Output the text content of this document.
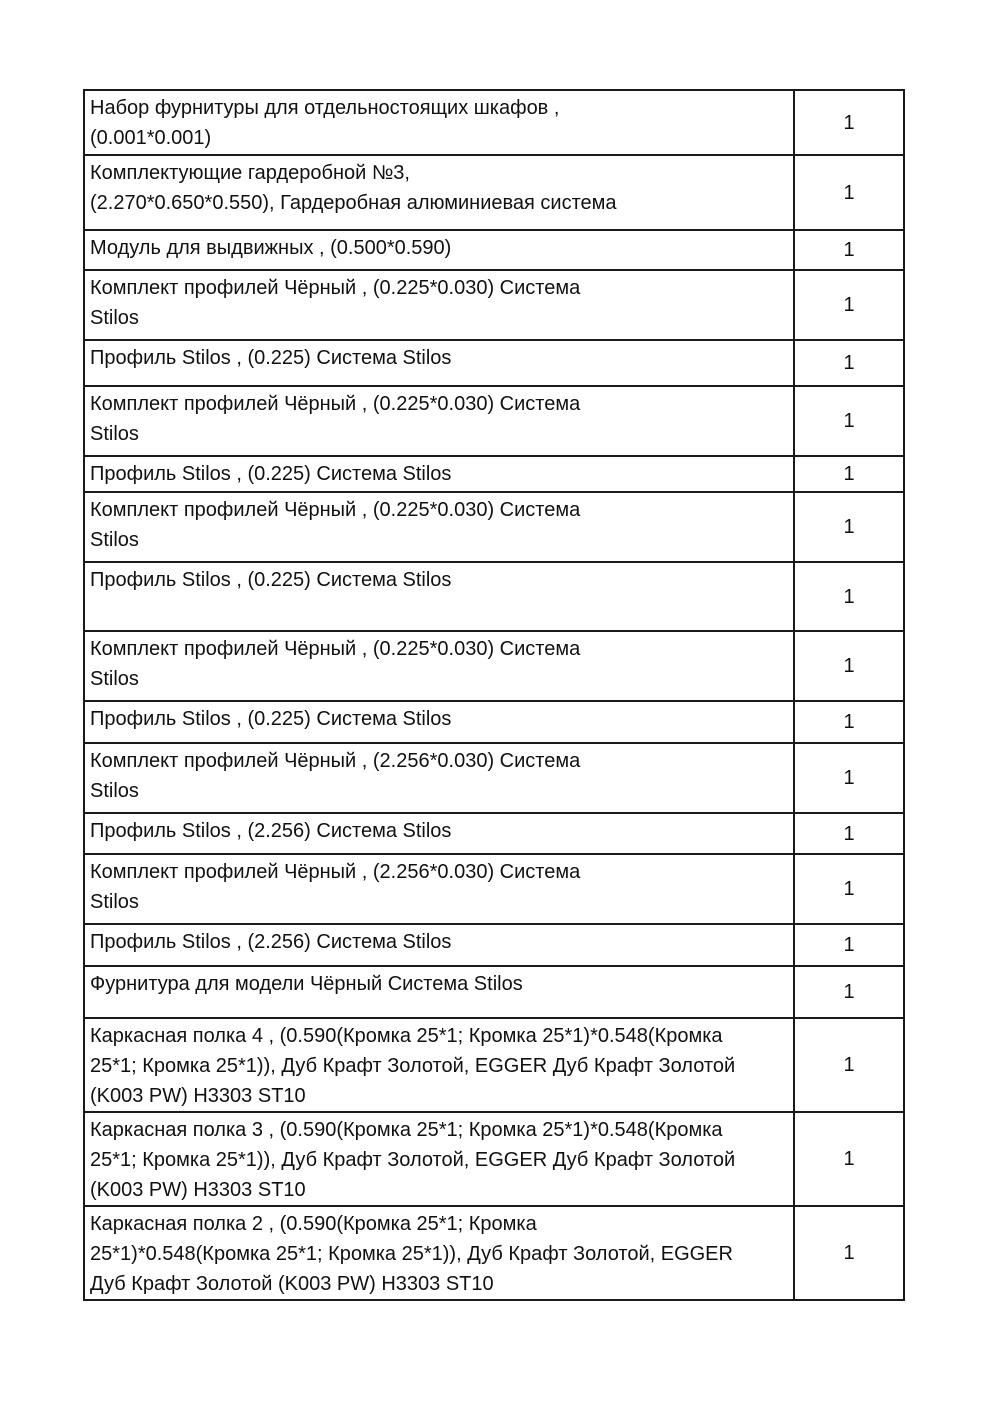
Набор фурнитуры для отдельностоящих шкафов ,
(0.001*0.001)	1
Комплектующие гардеробной №3,
(2.270*0.650*0.550), Гардеробная алюминиевая система	1
Модуль для выдвижных , (0.500*0.590)	1
Комплект профилей Чёрный , (0.225*0.030) Система
Stilos	1
Профиль Stilos , (0.225) Система Stilos	1
Комплект профилей Чёрный , (0.225*0.030) Система
Stilos	1
Профиль Stilos , (0.225) Система Stilos	1
Комплект профилей Чёрный , (0.225*0.030) Система
Stilos	1
Профиль Stilos , (0.225) Система Stilos	1
Комплект профилей Чёрный , (0.225*0.030) Система
Stilos	1
Профиль Stilos , (0.225) Система Stilos	1
Комплект профилей Чёрный , (2.256*0.030) Система
Stilos	1
Профиль Stilos , (2.256) Система Stilos	1
Комплект профилей Чёрный , (2.256*0.030) Система
Stilos	1
Профиль Stilos , (2.256) Система Stilos	1
Фурнитура для модели Чёрный Система Stilos	1
Каркасная полка 4 , (0.590(Кромка 25*1; Кромка 25*1)*0.548(Кромка
25*1; Кромка 25*1)), Дуб Крафт Золотой, EGGER Дуб Крафт Золотой
(K003 PW) H3303 ST10	1
Каркасная полка 3 , (0.590(Кромка 25*1; Кромка 25*1)*0.548(Кромка
25*1; Кромка 25*1)), Дуб Крафт Золотой, EGGER Дуб Крафт Золотой
(K003 PW) H3303 ST10	1
Каркасная полка 2 , (0.590(Кромка 25*1; Кромка
25*1)*0.548(Кромка 25*1; Кромка 25*1)), Дуб Крафт Золотой, EGGER
Дуб Крафт Золотой (K003 PW) H3303 ST10	1
